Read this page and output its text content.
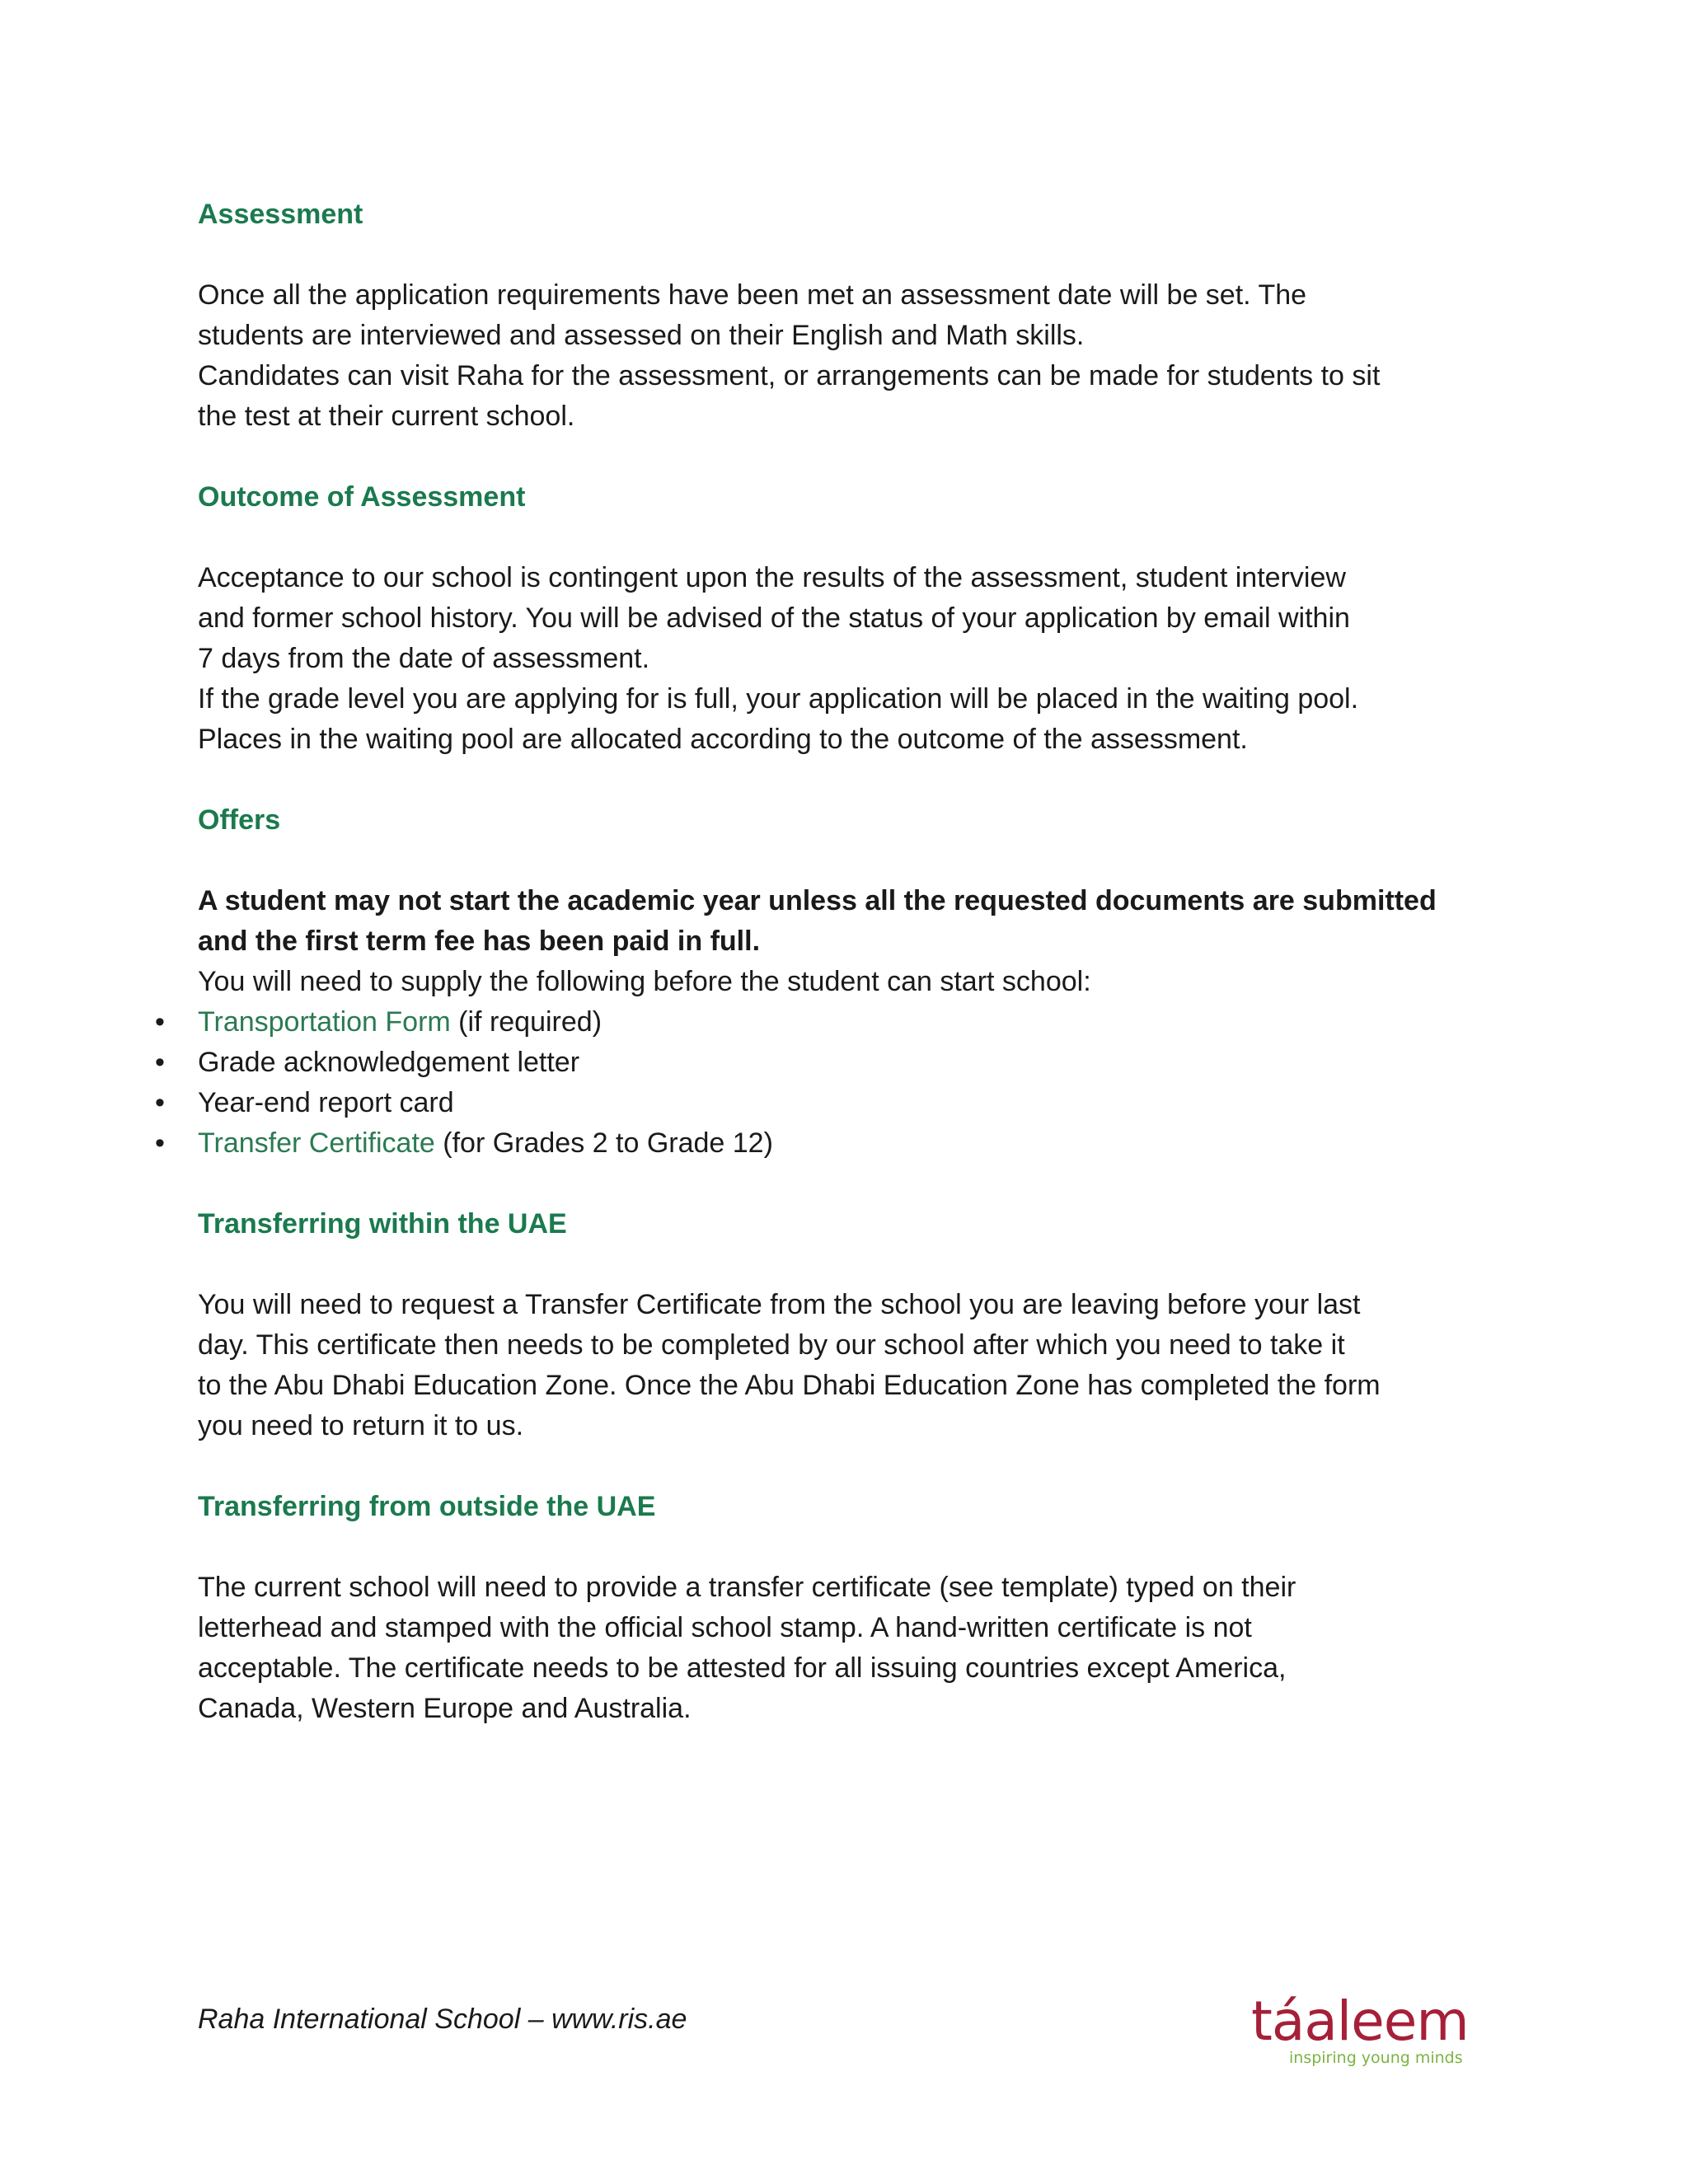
Assessment
Once all the application requirements have been met an assessment date will be set. The
students are interviewed and assessed on their English and Math skills.
Candidates can visit Raha for the assessment, or arrangements can be made for students to sit
the test at their current school.
Outcome of Assessment
Acceptance to our school is contingent upon the results of the assessment, student interview
and former school history. You will be advised of the status of your application by email within
7 days from the date of assessment.
If the grade level you are applying for is full, your application will be placed in the waiting pool.
Places in the waiting pool are allocated according to the outcome of the assessment.
Offers
A student may not start the academic year unless all the requested documents are submitted
and the first term fee has been paid in full.
You will need to supply the following before the student can start school:
• Transportation Form (if required)
• Grade acknowledgement letter
• Year-end report card
• Transfer Certificate (for Grades 2 to Grade 12)
Transferring within the UAE
You will need to request a Transfer Certificate from the school you are leaving before your last
day. This certificate then needs to be completed by our school after which you need to take it
to the Abu Dhabi Education Zone. Once the Abu Dhabi Education Zone has completed the form
you need to return it to us.
Transferring from outside the UAE
The current school will need to provide a transfer certificate (see template) typed on their
letterhead and stamped with the official school stamp. A hand-written certificate is not
acceptable. The certificate needs to be attested for all issuing countries except America,
Canada, Western Europe and Australia.
Raha International School – www.ris.ae	táaleem
inspiring young minds
